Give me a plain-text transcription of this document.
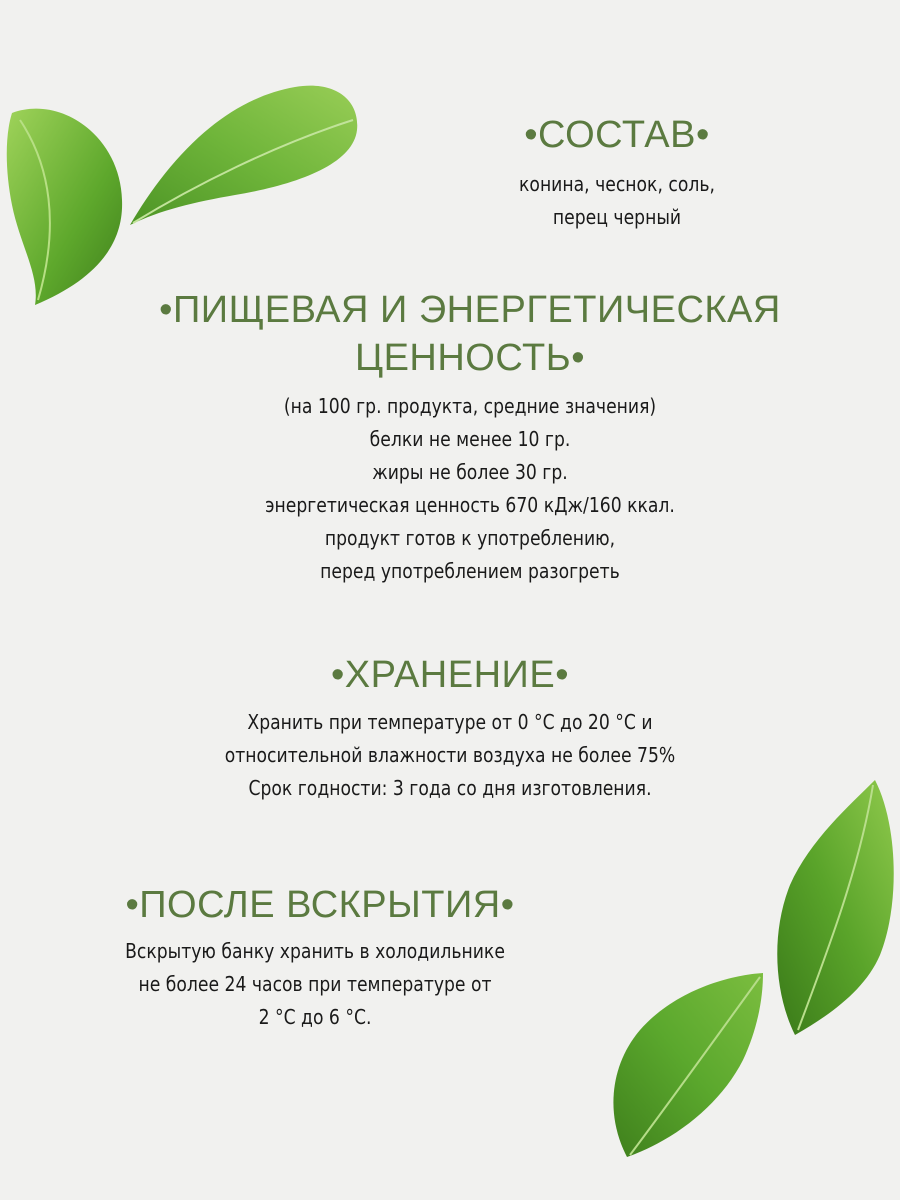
•СОСТАВ•
конина, чеснок, соль,
перец черный
•ПИЩЕВАЯ И ЭНЕРГЕТИЧЕСКАЯ
ЦЕННОСТЬ•
(на 100 гр. продукта, средние значения)
белки не менее 10 гр.
жиры не более 30 гр.
энергетическая ценность 670 кДж/160 ккал.
продукт готов к употреблению,
перед употреблением разогреть
•ХРАНЕНИЕ•
Хранить при температуре от 0 °С до 20 °С и
относительной влажности воздуха не более 75%
Срок годности: 3 года со дня изготовления.
•ПОСЛЕ ВСКРЫТИЯ•
Вскрытую банку хранить в холодильнике
не более 24 часов при температуре от
2 °С до 6 °С.
